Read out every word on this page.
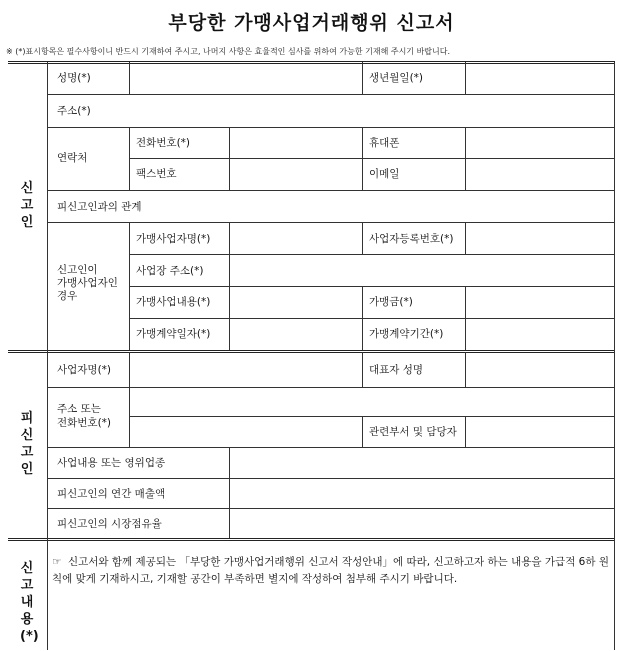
부당한 가맹사업거래행위 신고서
※ (*)표시항목은 필수사항이니 반드시 기재하여 주시고, 나머지 사항은 효율적인 심사를 위하여 가능한 기재해 주시기 바랍니다.
신고인
피신고인
신고내용(*)
성명(*)	생년월일(*)
주소(*)
연락처
전화번호(*)	휴대폰
팩스번호	이메일
피신고인과의 관계
신고인이
가맹사업자인
경우
가맹사업자명(*)	사업자등록번호(*)
사업장 주소(*)
가맹사업내용(*)	가맹금(*)
가맹계약일자(*)	가맹계약기간(*)
사업자명(*)	대표자 성명
주소 또는
전화번호(*)
관련부서 및 담당자
사업내용 또는 영위업종
피신고인의 연간 매출액
피신고인의 시장점유율
☞ 신고서와 함께 제공되는 「부당한 가맹사업거래행위 신고서 작성안내」에 따라, 신고하고자 하는 내용을 가급적 6하 원칙에 맞게 기재하시고, 기재할 공간이 부족하면 별지에 작성하여 첨부해 주시기 바랍니다.
